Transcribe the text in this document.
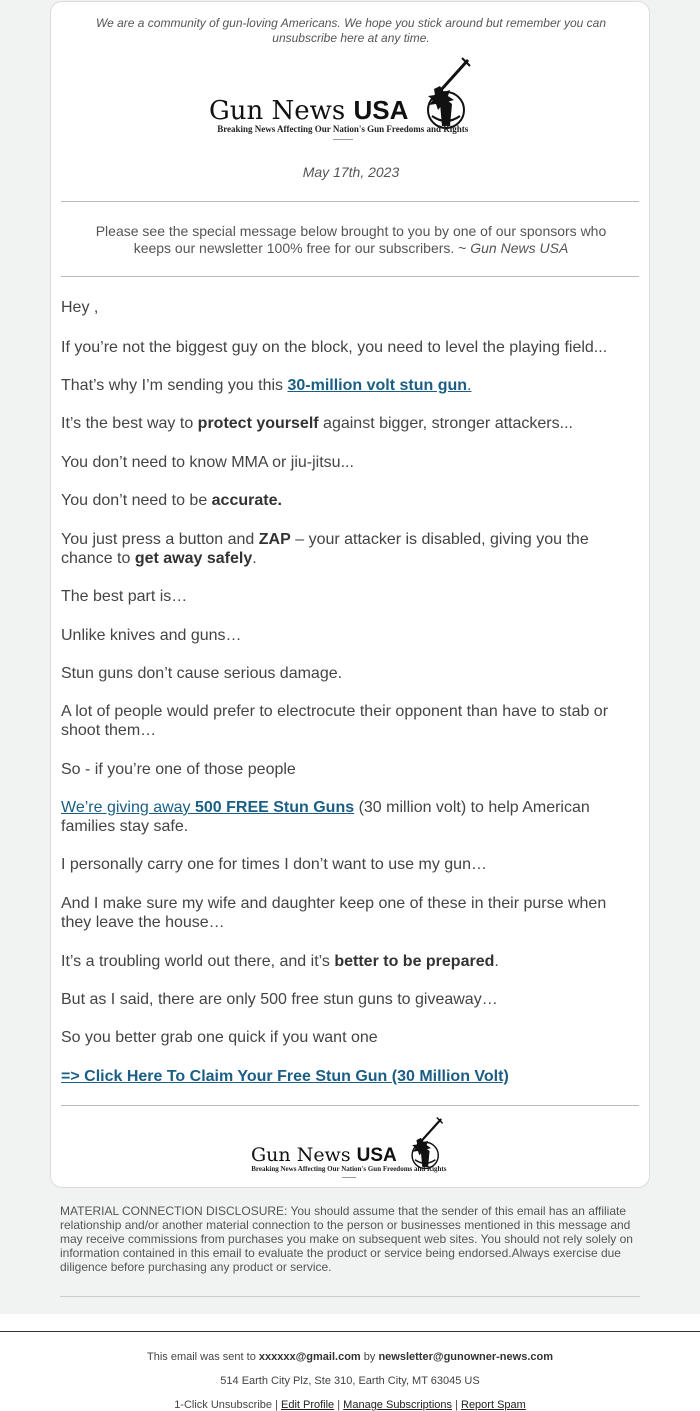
We are a community of gun-loving Americans. We hope you stick around but remember you can unsubscribe here at any time.
Gun News USA
Breaking News Affecting Our Nation's Gun Freedoms and Rights
May 17th, 2023
Please see the special message below brought to you by one of our sponsors who keeps our newsletter 100% free for our subscribers. ~ Gun News USA

Hey ,

If you’re not the biggest guy on the block, you need to level the playing field...

That’s why I’m sending you this 30-million volt stun gun.

It’s the best way to protect yourself against bigger, stronger attackers...

You don’t need to know MMA or jiu-jitsu...

You don’t need to be accurate.

You just press a button and ZAP – your attacker is disabled, giving you the chance to get away safely.

The best part is…

Unlike knives and guns…

Stun guns don’t cause serious damage.

A lot of people would prefer to electrocute their opponent than have to stab or shoot them…

So - if you’re one of those people

We’re giving away 500 FREE Stun Guns (30 million volt) to help American families stay safe.

I personally carry one for times I don’t want to use my gun…

And I make sure my wife and daughter keep one of these in their purse when they leave the house…

It’s a troubling world out there, and it’s better to be prepared.

But as I said, there are only 500 free stun guns to giveaway…

So you better grab one quick if you want one

=> Click Here To Claim Your Free Stun Gun (30 Million Volt)

Gun News USA
Breaking News Affecting Our Nation's Gun Freedoms and Rights
MATERIAL CONNECTION DISCLOSURE: You should assume that the sender of this email has an affiliate relationship and/or another material connection to the person or businesses mentioned in this message and may receive commissions from purchases you make on subsequent web sites. You should not rely solely on information contained in this email to evaluate the product or service being endorsed.Always exercise due diligence before purchasing any product or service.
This email was sent to xxxxxx@gmail.com by newsletter@gunowner-news.com
514 Earth City Plz, Ste 310, Earth City, MT 63045 US
1-Click Unsubscribe | Edit Profile | Manage Subscriptions | Report Spam
